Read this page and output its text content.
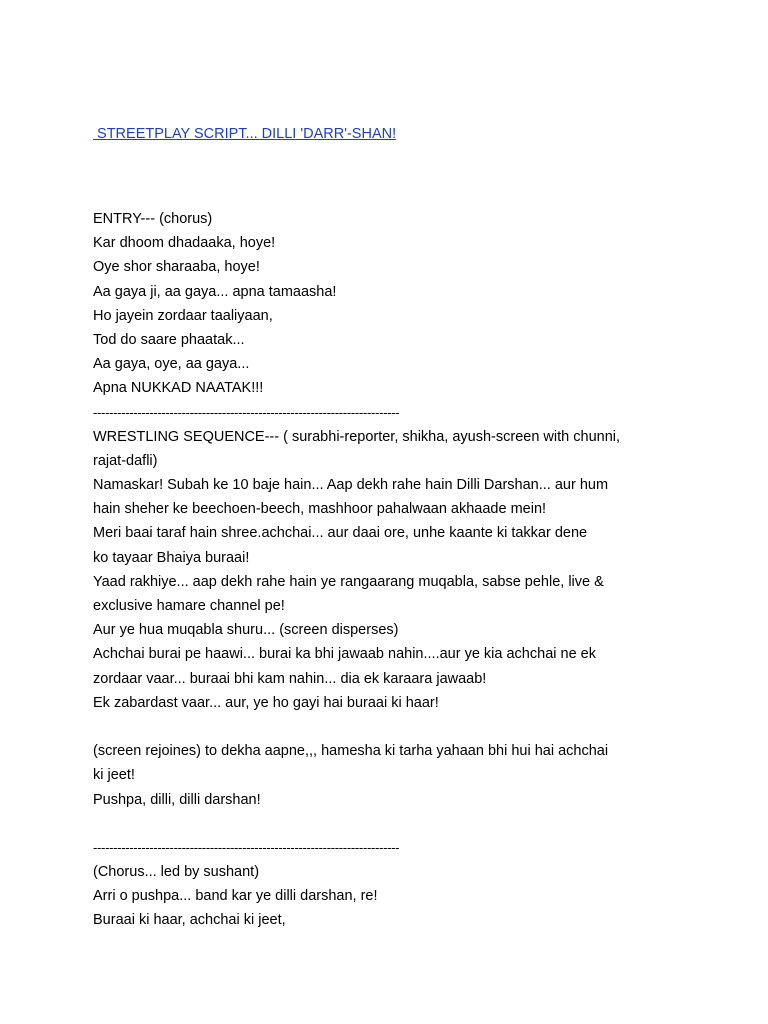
STREETPLAY SCRIPT... DILLI 'DARR'-SHAN!
ENTRY--- (chorus)
Kar dhoom dhadaaka, hoye!
Oye shor sharaaba, hoye!
Aa gaya ji, aa gaya... apna tamaasha!
Ho jayein zordaar taaliyaan,
Tod do saare phaatak...
Aa gaya, oye, aa gaya...
Apna NUKKAD NAATAK!!!
----------------------------------------------------------------------------
WRESTLING SEQUENCE--- ( surabhi-reporter, shikha, ayush-screen with chunni,
rajat-dafli)
Namaskar! Subah ke 10 baje hain... Aap dekh rahe hain Dilli Darshan... aur hum
hain sheher ke beechoen-beech, mashhoor pahalwaan akhaade mein!
Meri baai taraf hain shree.achchai... aur daai ore, unhe kaante ki takkar dene
ko tayaar Bhaiya buraai!
Yaad rakhiye... aap dekh rahe hain ye rangaarang muqabla, sabse pehle, live &
exclusive hamare channel pe!
Aur ye hua muqabla shuru... (screen disperses)
Achchai burai pe haawi... burai ka bhi jawaab nahin....aur ye kia achchai ne ek
zordaar vaar... buraai bhi kam nahin... dia ek karaara jawaab!
Ek zabardast vaar... aur, ye ho gayi hai buraai ki haar!
(screen rejoines) to dekha aapne,,, hamesha ki tarha yahaan bhi hui hai achchai
ki jeet!
Pushpa, dilli, dilli darshan!
----------------------------------------------------------------------------
(Chorus... led by sushant)
Arri o pushpa... band kar ye dilli darshan, re!
Buraai ki haar, achchai ki jeet,
